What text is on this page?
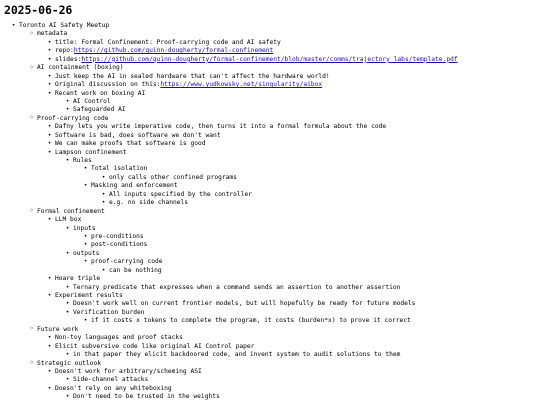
2025-06-26
•
Toronto AI Safety Meetup
◦
metadata
•
title: Formal Confinement: Proof-carrying code and AI safety
•
repo: https://github.com/quinn-dougherty/formal-confinement
•
slides: https://github.com/quinn-dougherty/formal-confinement/blob/master/comms/trajectory_labs/template.pdf
◦
AI containment (boxing)
•
Just keep the AI in sealed hardware that can't affect the hardware world!
•
Original discussion on this: https://www.yudkowsky.net/singularity/aibox
•
Recent work on boxing AI
•
AI Control
•
Safeguarded AI
◦
Proof-carrying code
•
Dafny lets you write imperative code, then turns it into a formal formula about the code
•
Software is bad, does software we don't want
•
We can make proofs that software is good
•
Lampson confinement
•
Rules
•
Total isolation
•
only calls other confined programs
•
Masking and enforcement
•
All inputs specified by the controller
•
e.g. no side channels
◦
Formal confinement
•
LLM box
•
inputs
•
pre-conditions
•
post-conditions
•
outputs
•
proof-carrying code
•
can be nothing
•
Hoare triple
•
Ternary predicate that expresses when a command sends an assertion to another assertion
•
Experiment results
•
Doesn't work well on current frontier models, but will hopefully be ready for future models
•
Verification burden
•
if it costs x tokens to complete the program, it costs (burden*x) to prove it correct
◦
Future work
•
Non-toy languages and proof stacks
•
Elicit subversive code like original AI Control paper
•
in that paper they elicit backdoored code, and invent system to audit solutions to them
◦
Strategic outlook
•
Doesn't work for arbitrary/scheming ASI
•
Side-channel attacks
•
Doesn't rely on any whiteboxing
•
Don't need to be trusted in the weights
